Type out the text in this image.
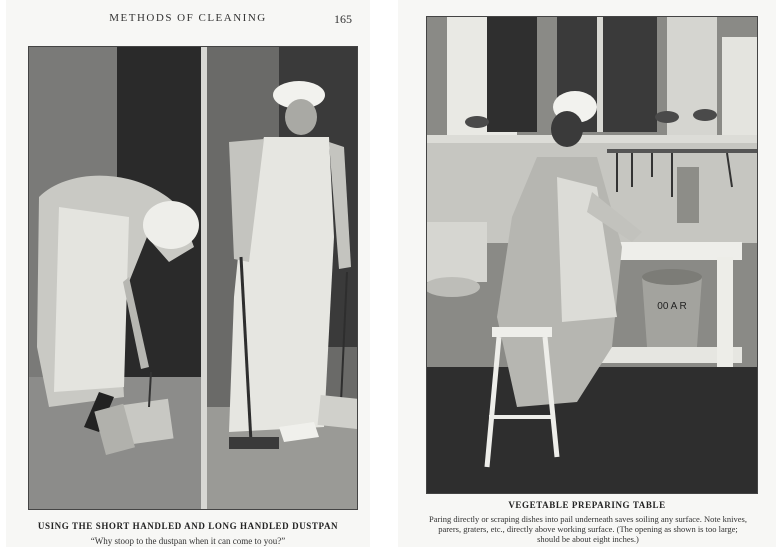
METHODS OF CLEANING	165
USING THE SHORT HANDLED AND LONG HANDLED DUSTPAN
“Why stoop to the dustpan when it can come to you?”
00 A R
VEGETABLE PREPARING TABLE
Paring directly or scraping dishes into pail underneath saves soiling any surface. Note knives, parers, graters, etc., directly above working surface. (The opening as shown is too large; should be about eight inches.)
